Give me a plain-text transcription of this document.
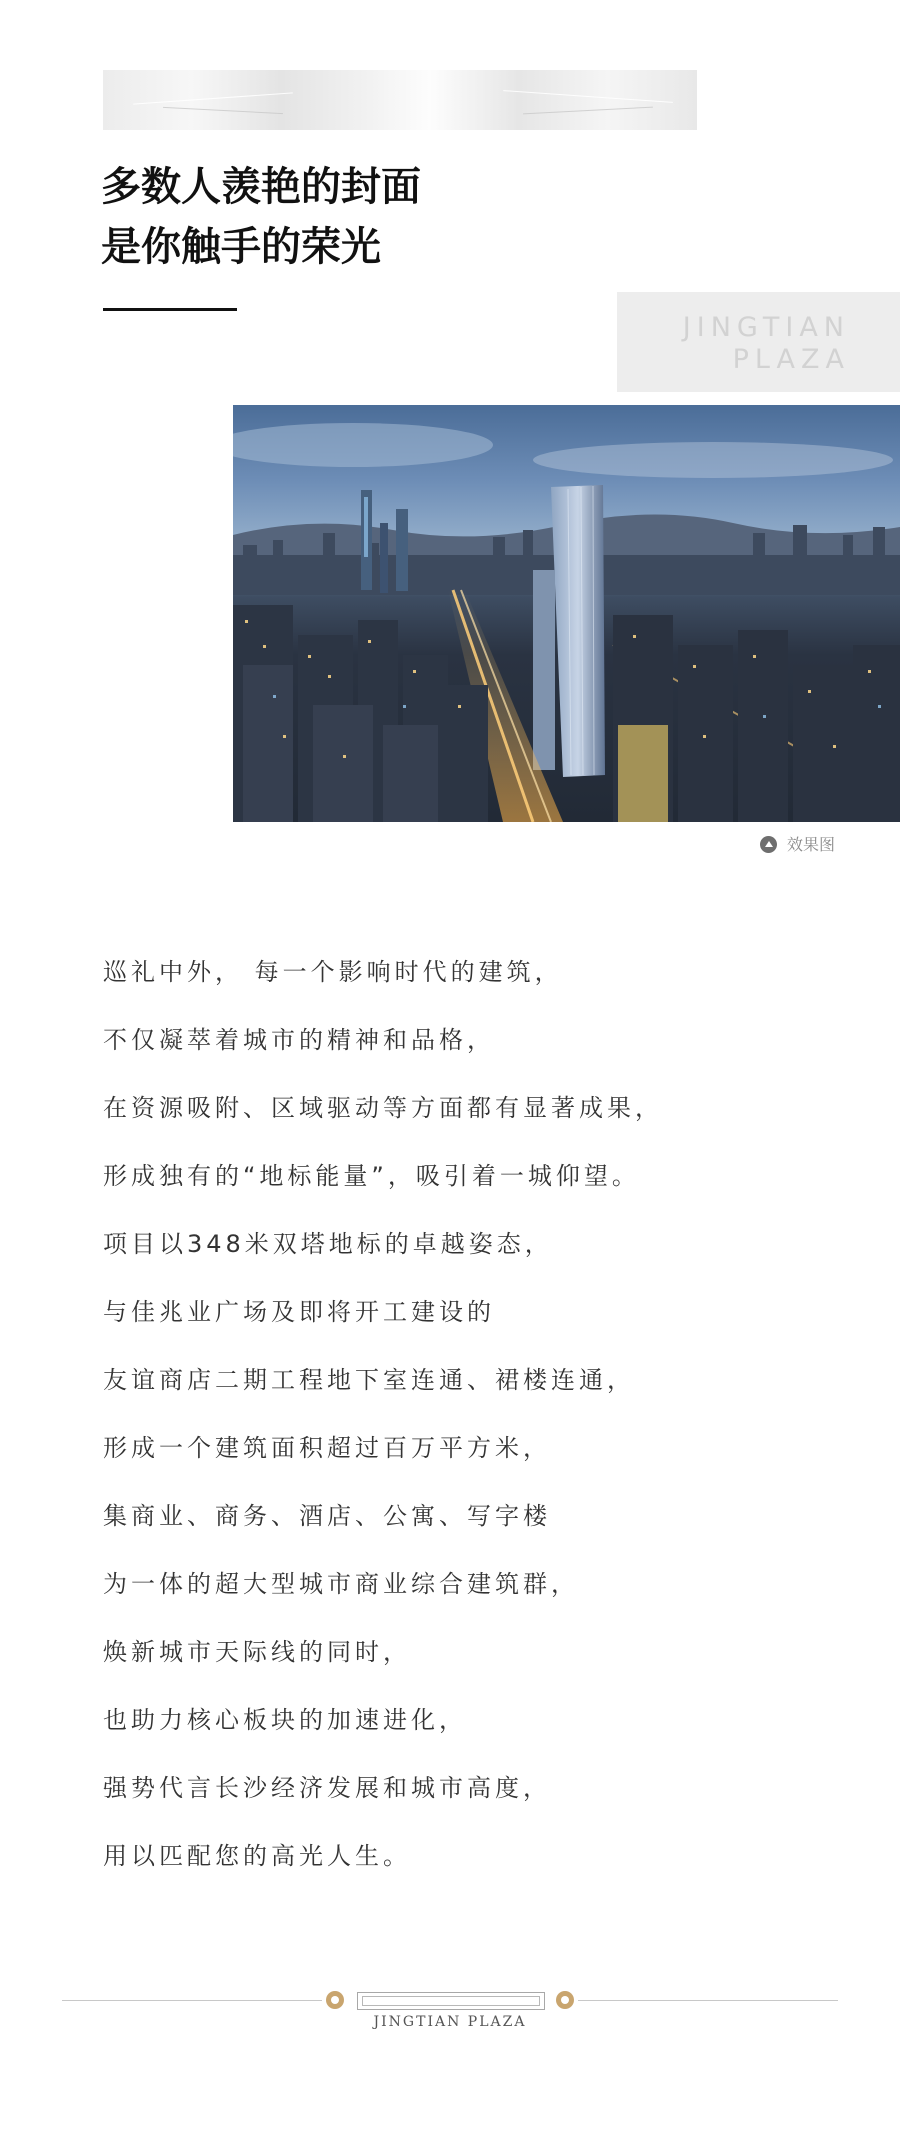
多数人羡艳的封面
是你触手的荣光
JINGTIAN
PLAZA
效果图
巡礼中外， 每一个影响时代的建筑，
不仅凝萃着城市的精神和品格，
在资源吸附、区域驱动等方面都有显著成果，
形成独有的“地标能量”，吸引着一城仰望。
项目以348米双塔地标的卓越姿态，
与佳兆业广场及即将开工建设的
友谊商店二期工程地下室连通、裙楼连通，
形成一个建筑面积超过百万平方米，
集商业、商务、酒店、公寓、写字楼
为一体的超大型城市商业综合建筑群，
焕新城市天际线的同时，
也助力核心板块的加速进化，
强势代言长沙经济发展和城市高度，
用以匹配您的高光人生。
JINGTIAN PLAZA
